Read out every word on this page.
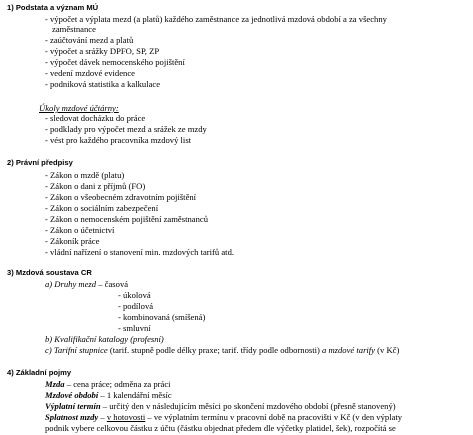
1) Podstata a význam MÚ
- výpočet a výplata mezd (a platů) každého zaměstnance za jednotlivá mzdová období a za všechny
zaměstnance
- zaúčtování mezd a platů
- výpočet a srážky DPFO, SP, ZP
- výpočet dávek nemocenského pojištění
- vedení mzdové evidence
- podniková statistika a kalkulace
Úkoly mzdové účtárny:
- sledovat docházku do práce
- podklady pro výpočet mezd a srážek ze mzdy
- vést pro každého pracovníka mzdový list
2) Právní předpisy
- Zákon o mzdě (platu)
- Zákon o dani z příjmů (FO)
- Zákon o všeobecném zdravotním pojištění
- Zákon o sociálním zabezpečení
- Zákon o nemocenském pojištění zaměstnanců
- Zákon o účetnictví
- Zákoník práce
- vládní nařízení o stanovení min. mzdových tarifů atd.
3) Mzdová soustava CR
a) Druhy mezd – časová
- úkolová
- podílová
- kombinovaná (smíšená)
- smluvní
b) Kvalifikační katalogy (profesní)
c) Tarifní stupnice (tarif. stupně podle délky praxe; tarif. třídy podle odbornosti) a mzdové tarify (v Kč)
4) Základní pojmy
Mzda – cena práce; odměna za práci
Mzdové období – 1 kalendářní měsíc
Výplatní termín – určitý den v následujícím měsíci po skončení mzdového období (přesně stanovený)
Splatnost mzdy – v hotovosti – ve výplatním termínu v pracovní době na pracovišti v Kč (v den výplaty
podnik vybere celkovou částku z účtu (částku objednat předem dle výčetky platidel, šek), rozpočítá se
